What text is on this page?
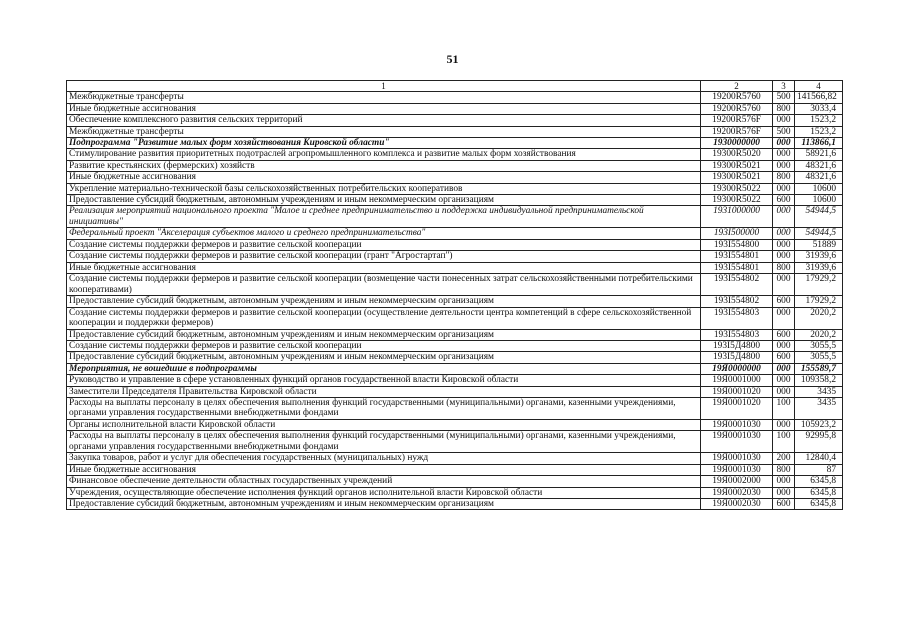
51
1	2	3	4
Межбюджетные трансферты	19200R5760	500	141566,82
Иные бюджетные ассигнования	19200R5760	800	3033,4
Обеспечение комплексного развития сельских территорий	19200R576F	000	1523,2
Межбюджетные трансферты	19200R576F	500	1523,2
Подпрограмма "Развитие малых форм хозяйствования Кировской области"	1930000000	000	113866,1
Стимулирование развития приоритетных подотраслей агропромышленного комплекса и развитие малых форм хозяйствования	19300R5020	000	58921,6
Развитие крестьянских (фермерских) хозяйств	19300R5021	000	48321,6
Иные бюджетные ассигнования	19300R5021	800	48321,6
Укрепление материально-технической базы сельскохозяйственных потребительских кооперативов	19300R5022	000	10600
Предоставление субсидий бюджетным, автономным учреждениям и иным некоммерческим организациям	19300R5022	600	10600
Реализация мероприятий национального проекта "Малое и среднее предпринимательство и поддержка индивидуальной предпринимательской инициативы"	1931000000	000	54944,5
Федеральный проект "Акселерация субъектов малого и среднего предпринимательства"	193I500000	000	54944,5
Создание системы поддержки фермеров и развитие сельской кооперации	193I554800	000	51889
Создание системы поддержки фермеров и развитие сельской кооперации (грант "Агростартап")	193I554801	000	31939,6
Иные бюджетные ассигнования	193I554801	800	31939,6
Создание системы поддержки фермеров и развитие сельской кооперации (возмещение части понесенных затрат сельскохозяйственными потребительскими кооперативами)	193I554802	000	17929,2
Предоставление субсидий бюджетным, автономным учреждениям и иным некоммерческим организациям	193I554802	600	17929,2
Создание системы поддержки фермеров и развитие сельской кооперации (осуществление деятельности центра компетенций в сфере сельскохозяйственной кооперации и поддержки фермеров)	193I554803	000	2020,2
Предоставление субсидий бюджетным, автономным учреждениям и иным некоммерческим организациям	193I554803	600	2020,2
Создание системы поддержки фермеров и развитие сельской кооперации	193I5Д4800	000	3055,5
Предоставление субсидий бюджетным, автономным учреждениям и иным некоммерческим организациям	193I5Д4800	600	3055,5
Мероприятия, не вошедшие в подпрограммы	19Я0000000	000	155589,7
Руководство и управление в сфере установленных функций органов государственной власти Кировской области	19Я0001000	000	109358,2
Заместители Председателя Правительства Кировской области	19Я0001020	000	3435
Расходы на выплаты персоналу в целях обеспечения выполнения функций государственными (муниципальными) органами, казенными учреждениями, органами управления государственными внебюджетными фондами	19Я0001020	100	3435
Органы исполнительной власти Кировской области	19Я0001030	000	105923,2
Расходы на выплаты персоналу в целях обеспечения выполнения функций государственными (муниципальными) органами, казенными учреждениями, органами управления государственными внебюджетными фондами	19Я0001030	100	92995,8
Закупка товаров, работ и услуг для обеспечения государственных (муниципальных) нужд	19Я0001030	200	12840,4
Иные бюджетные ассигнования	19Я0001030	800	87
Финансовое обеспечение деятельности областных государственных учреждений	19Я0002000	000	6345,8
Учреждения, осуществляющие обеспечение исполнения функций органов исполнительной власти Кировской области	19Я0002030	000	6345,8
Предоставление субсидий бюджетным, автономным учреждениям и иным некоммерческим организациям	19Я0002030	600	6345,8
